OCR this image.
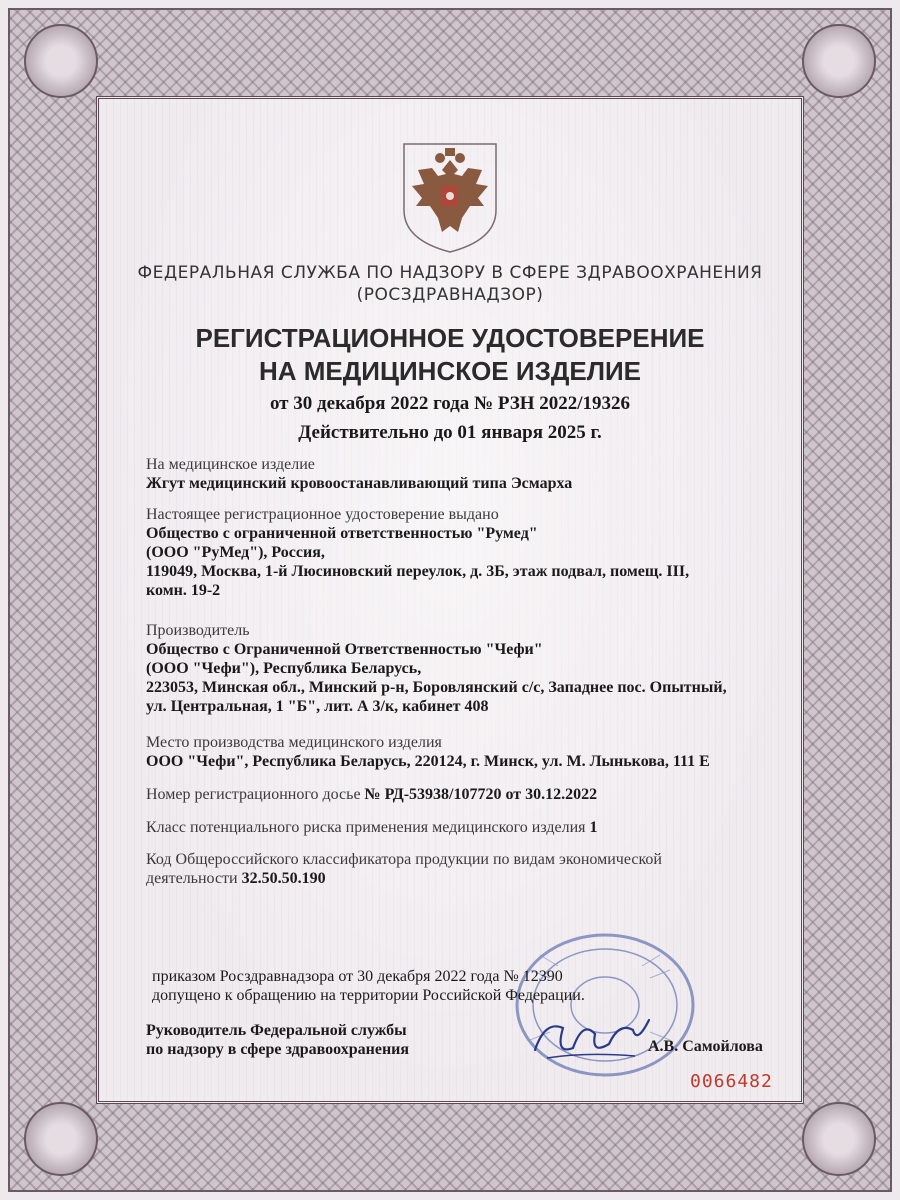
ФЕДЕРАЛЬНАЯ СЛУЖБА ПО НАДЗОРУ В СФЕРЕ ЗДРАВООХРАНЕНИЯ
(РОСЗДРАВНАДЗОР)
РЕГИСТРАЦИОННОЕ УДОСТОВЕРЕНИЕ
НА МЕДИЦИНСКОЕ ИЗДЕЛИЕ
от 30 декабря 2022 года № РЗН 2022/19326
Действительно до 01 января 2025 г.
На медицинское изделие
Жгут медицинский кровоостанавливающий типа Эсмарха
Настоящее регистрационное удостоверение выдано
Общество с ограниченной ответственностью "Румед"
(ООО "РуМед"), Россия,
119049, Москва, 1-й Люсиновский переулок, д. 3Б, этаж подвал, помещ. III,
комн. 19-2
Производитель
Общество с Ограниченной Ответственностью "Чефи"
(ООО "Чефи"), Республика Беларусь,
223053, Минская обл., Минский р-н, Боровлянский с/с, Западнее пос. Опытный,
ул. Центральная, 1 "Б", лит. А 3/к, кабинет 408
Место производства медицинского изделия
ООО "Чефи", Республика Беларусь, 220124, г. Минск, ул. М. Лынькова, 111 Е
Номер регистрационного досье № РД-53938/107720 от 30.12.2022
Класс потенциального риска применения медицинского изделия 1
Код Общероссийского классификатора продукции по видам экономической
деятельности 32.50.50.190
приказом Росздравнадзора от 30 декабря 2022 года № 12390
допущено к обращению на территории Российской Федерации.
Руководитель Федеральной службы
по надзору в сфере здравоохранения	А.В. Самойлова
0066482
